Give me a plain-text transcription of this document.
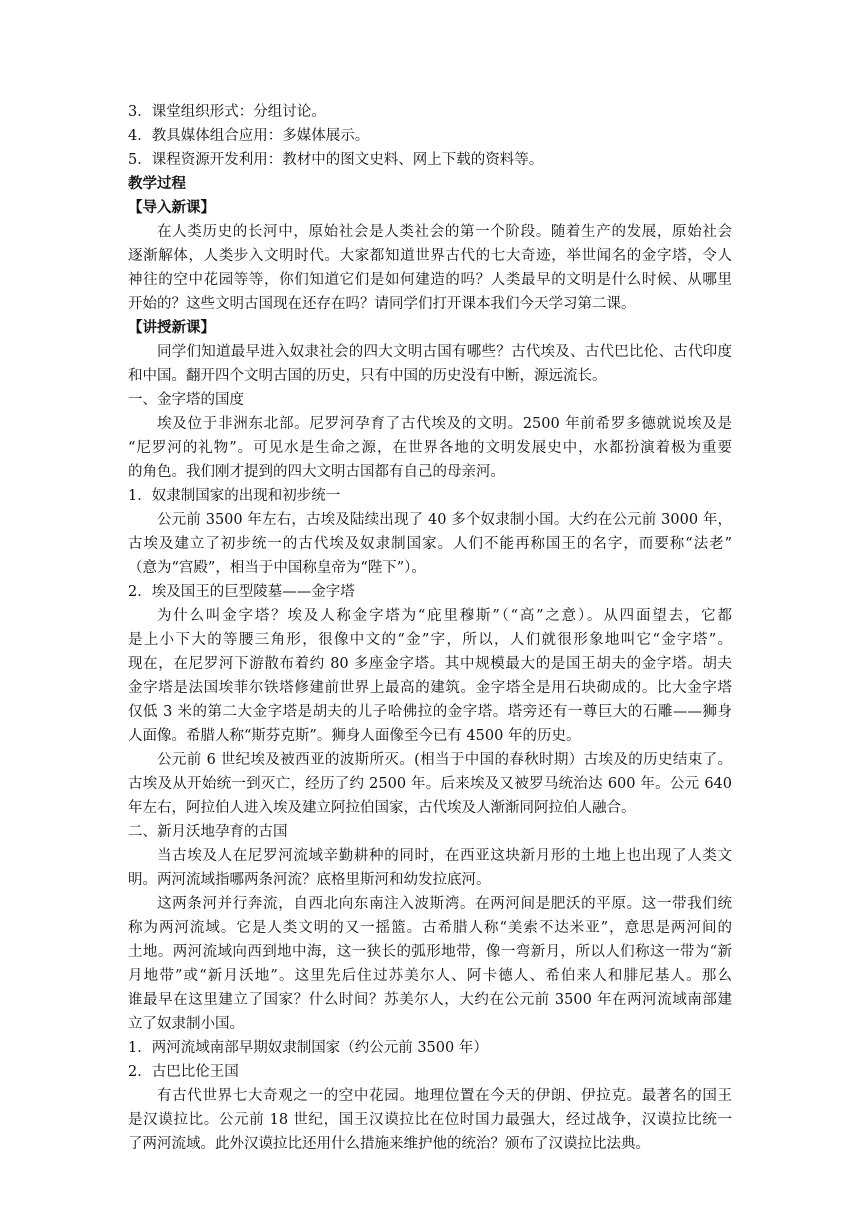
3．课堂组织形式：分组讨论。
4．教具媒体组合应用：多媒体展示。
5．课程资源开发利用：教材中的图文史料、网上下载的资料等。
教学过程
【导入新课】
在人类历史的长河中，原始社会是人类社会的第一个阶段。随着生产的发展，原始社会
逐渐解体，人类步入文明时代。大家都知道世界古代的七大奇迹，举世闻名的金字塔，令人
神往的空中花园等等，你们知道它们是如何建造的吗？人类最早的文明是什么时候、从哪里
开始的？这些文明古国现在还存在吗？请同学们打开课本我们今天学习第二课。
【讲授新课】
同学们知道最早进入奴隶社会的四大文明古国有哪些？古代埃及、古代巴比伦、古代印度
和中国。翻开四个文明古国的历史，只有中国的历史没有中断，源远流长。
一、金字塔的国度
埃及位于非洲东北部。尼罗河孕育了古代埃及的文明。2500 年前希罗多德就说埃及是
“尼罗河的礼物”。可见水是生命之源，在世界各地的文明发展史中，水都扮演着极为重要
的角色。我们刚才提到的四大文明古国都有自己的母亲河。
1．奴隶制国家的出现和初步统一
公元前 3500 年左右，古埃及陆续出现了 40 多个奴隶制小国。大约在公元前 3000 年，
古埃及建立了初步统一的古代埃及奴隶制国家。人们不能再称国王的名字，而要称“法老”
（意为“宫殿”，相当于中国称皇帝为“陛下”）。
2．埃及国王的巨型陵墓——金字塔
为什么叫金字塔？埃及人称金字塔为“庇里穆斯”（“高”之意）。从四面望去，它都
是上小下大的等腰三角形，很像中文的“金”字，所以，人们就很形象地叫它“金字塔”。
现在，在尼罗河下游散布着约 80 多座金字塔。其中规模最大的是国王胡夫的金字塔。胡夫
金字塔是法国埃菲尔铁塔修建前世界上最高的建筑。金字塔全是用石块砌成的。比大金字塔
仅低 3 米的第二大金字塔是胡夫的儿子哈佛拉的金字塔。塔旁还有一尊巨大的石雕——狮身
人面像。希腊人称“斯芬克斯”。狮身人面像至今已有 4500 年的历史。
公元前 6 世纪埃及被西亚的波斯所灭。(相当于中国的春秋时期）古埃及的历史结束了。
古埃及从开始统一到灭亡，经历了约 2500 年。后来埃及又被罗马统治达 600 年。公元 640
年左右，阿拉伯人进入埃及建立阿拉伯国家，古代埃及人渐渐同阿拉伯人融合。
二、新月沃地孕育的古国
当古埃及人在尼罗河流域辛勤耕种的同时，在西亚这块新月形的土地上也出现了人类文
明。两河流域指哪两条河流？底格里斯河和幼发拉底河。
这两条河并行奔流，自西北向东南注入波斯湾。在两河间是肥沃的平原。这一带我们统
称为两河流域。它是人类文明的又一摇篮。古希腊人称“美索不达米亚”，意思是两河间的
土地。两河流域向西到地中海，这一狭长的弧形地带，像一弯新月，所以人们称这一带为“新
月地带”或“新月沃地”。这里先后住过苏美尔人、阿卡德人、希伯来人和腓尼基人。那么
谁最早在这里建立了国家？什么时间？苏美尔人，大约在公元前 3500 年在两河流域南部建
立了奴隶制小国。
1．两河流域南部早期奴隶制国家（约公元前 3500 年）
2．古巴比伦王国
有古代世界七大奇观之一的空中花园。地理位置在今天的伊朗、伊拉克。最著名的国王
是汉谟拉比。公元前 18 世纪，国王汉谟拉比在位时国力最强大，经过战争，汉谟拉比统一
了两河流域。此外汉谟拉比还用什么措施来维护他的统治？颁布了汉谟拉比法典。
